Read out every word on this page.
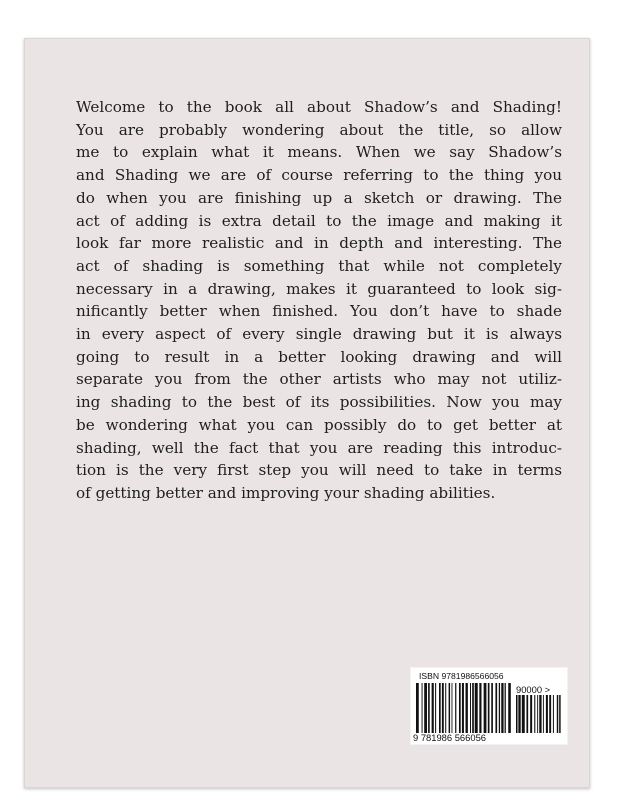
Welcome to the book all about Shadow’s and Shading!
You are probably wondering about the title, so allow
me to explain what it means. When we say Shadow’s
and Shading we are of course referring to the thing you
do when you are finishing up a sketch or drawing. The
act of adding is extra detail to the image and making it
look far more realistic and in depth and interesting. The
act of shading is something that while not completely
necessary in a drawing, makes it guaranteed to look sig-
nificantly better when finished. You don’t have to shade
in every aspect of every single drawing but it is always
going to result in a better looking drawing and will
separate you from the other artists who may not utiliz-
ing shading to the best of its possibilities. Now you may
be wondering what you can possibly do to get better at
shading, well the fact that you are reading this introduc-
tion is the very first step you will need to take in terms
of getting better and improving your shading abilities.
ISBN 9781986566056
90000 >
9 781986 566056
